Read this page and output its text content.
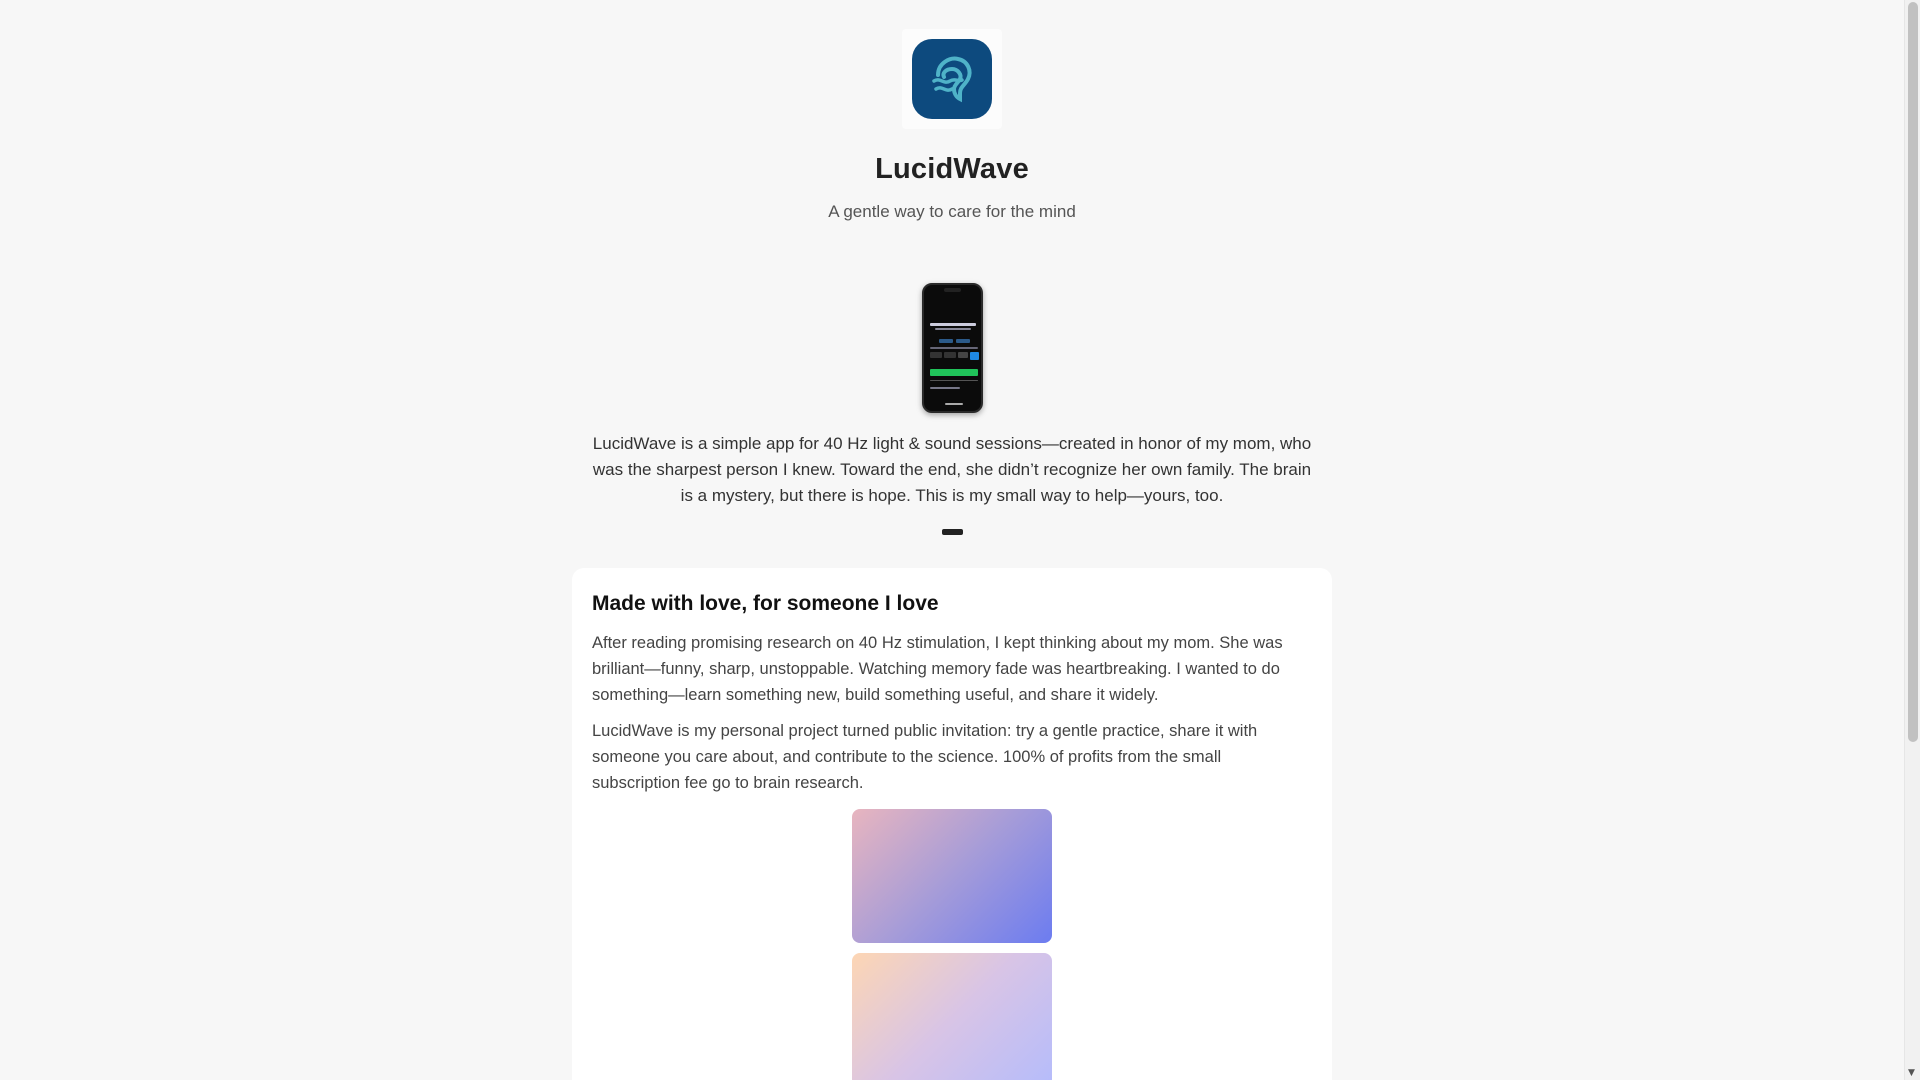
LucidWave
A gentle way to care for the mind

LucidWave is a simple app for 40 Hz light & sound sessions—created in honor of my mom, who was the sharpest person I knew. Toward the end, she didn’t recognize her own family. The brain is a mystery, but there is hope. This is my small way to help—yours, too.

Made with love, for someone I love

After reading promising research on 40 Hz stimulation, I kept thinking about my mom. She was brilliant—funny, sharp, unstoppable. Watching memory fade was heartbreaking. I wanted to do something—learn something new, build something useful, and share it widely.

LucidWave is my personal project turned public invitation: try a gentle practice, share it with someone you care about, and contribute to the science. 100% of profits from the small subscription fee go to brain research.

▼
